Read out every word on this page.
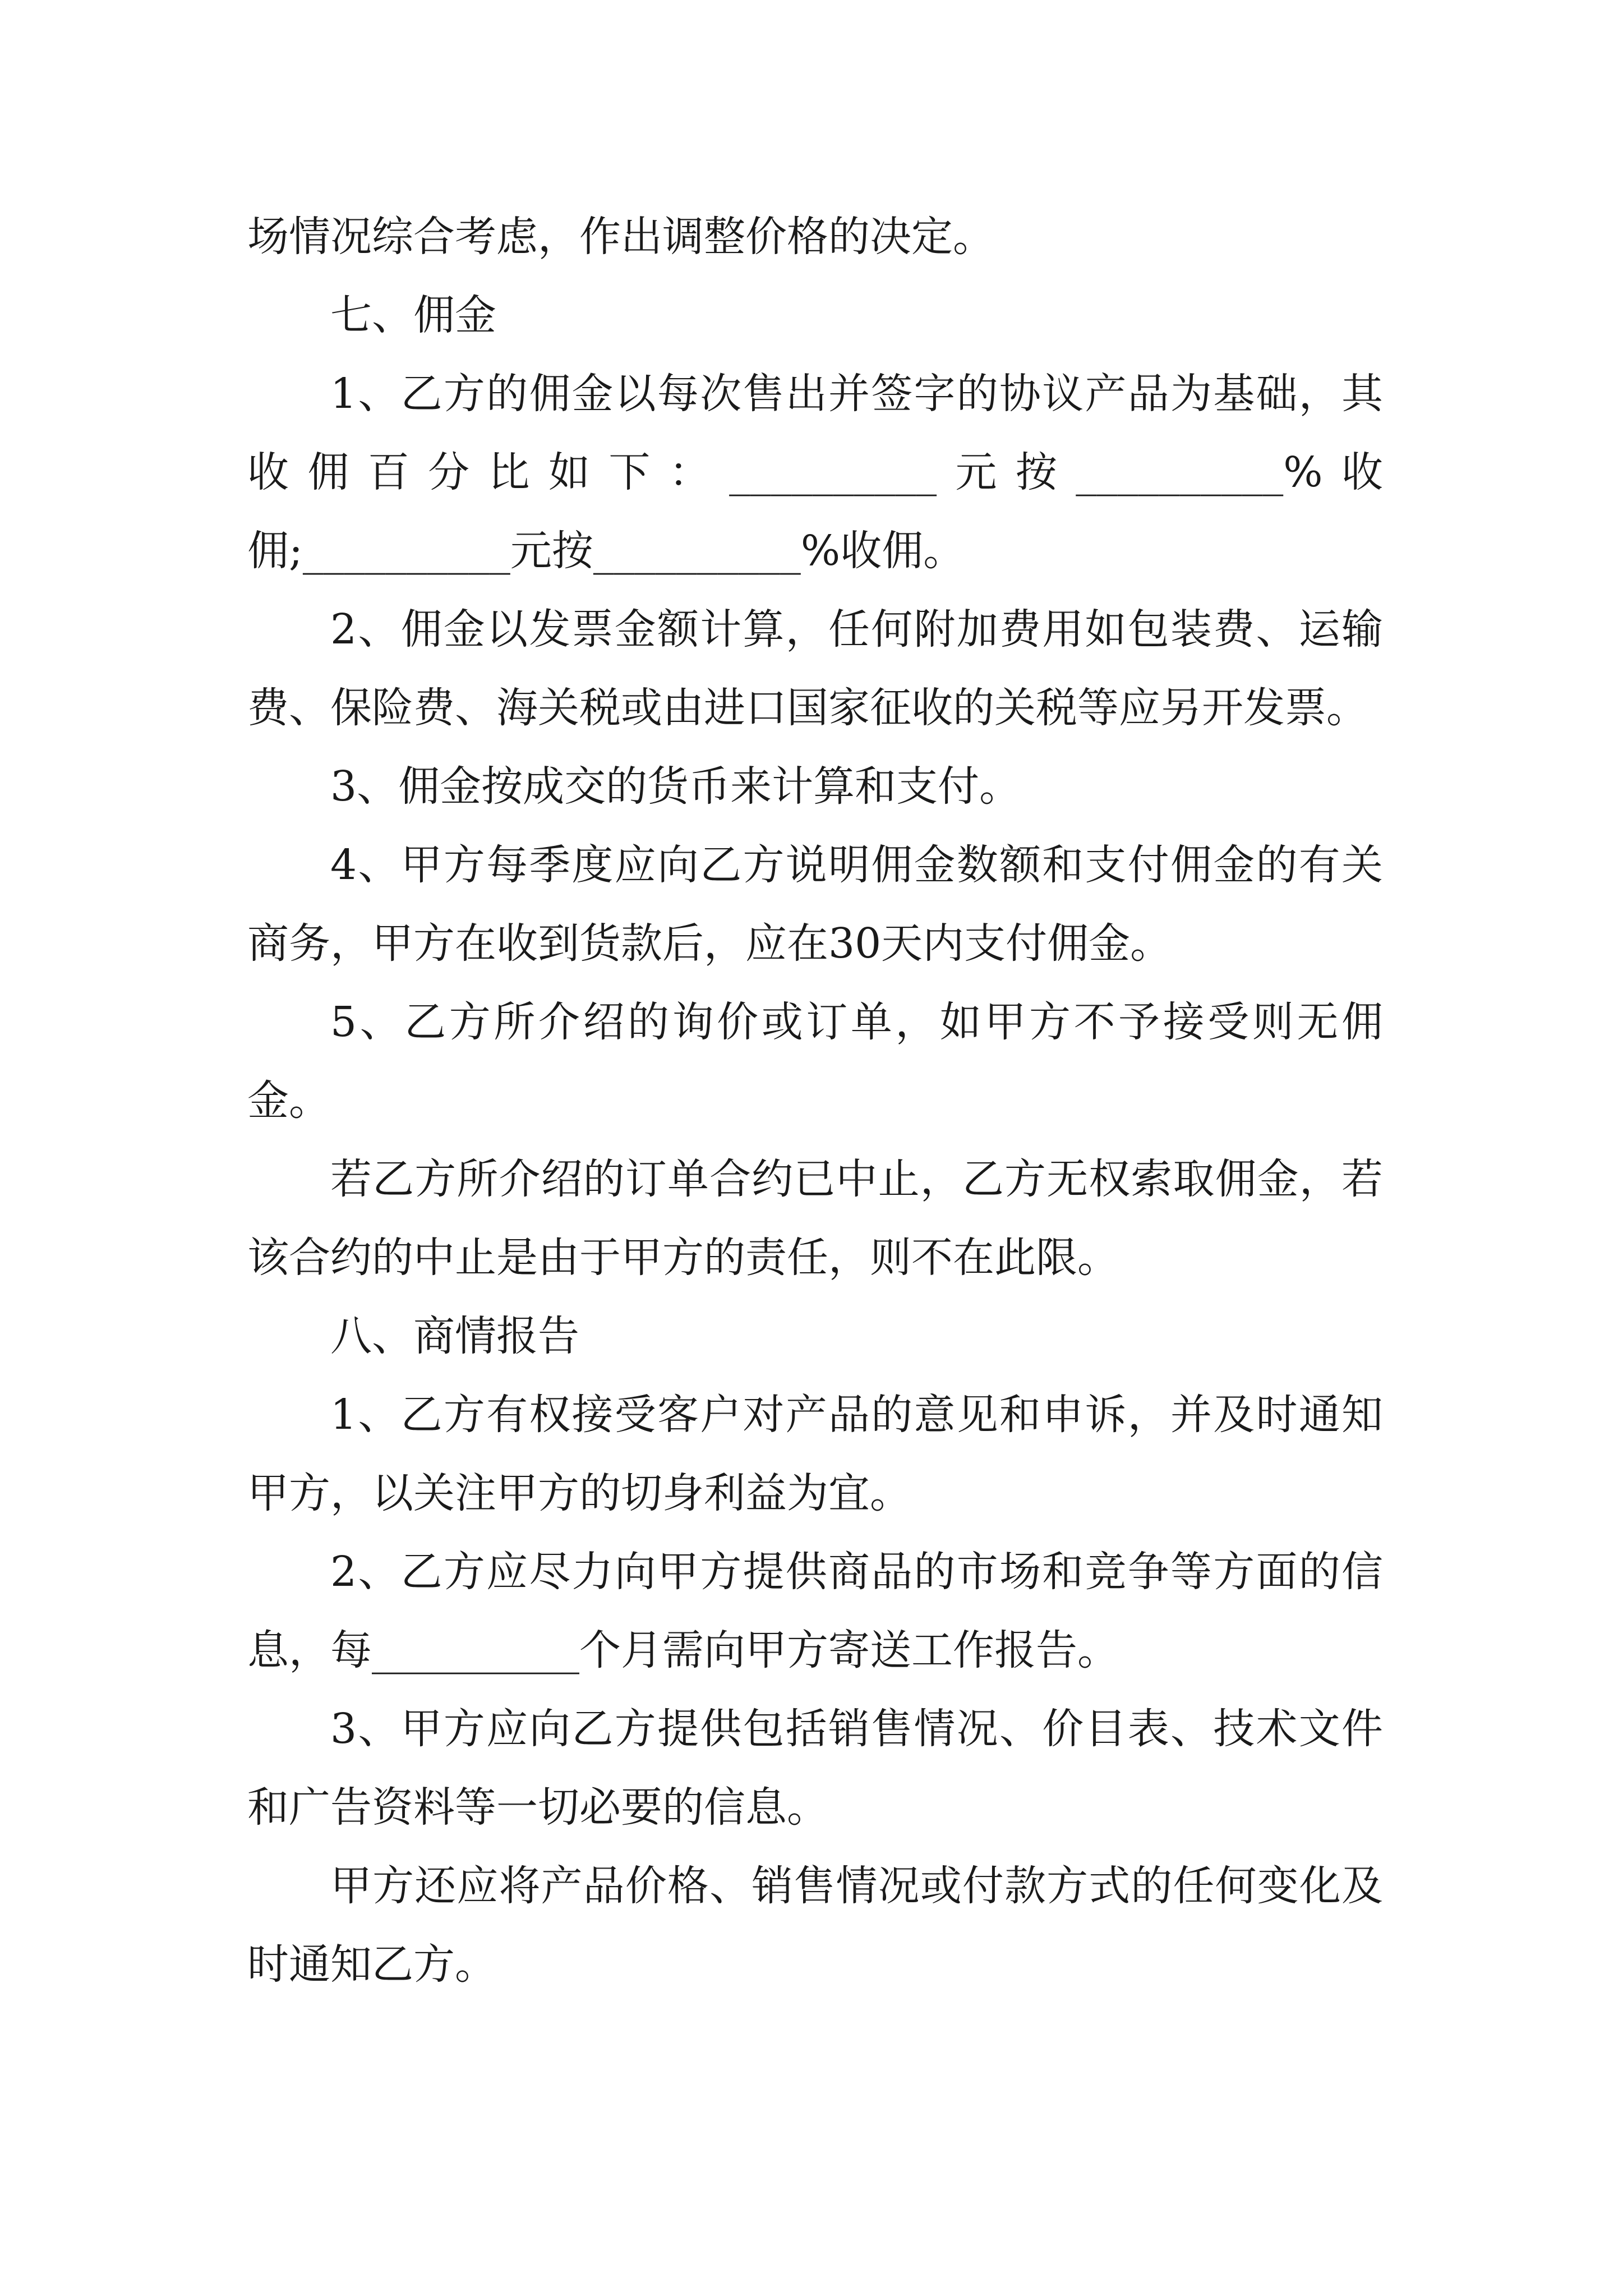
场情况综合考虑，作出调整价格的决定。

七、佣金

1、乙方的佣金以每次售出并签字的协议产品为基础，其收佣百分比如下：__________元按__________%收佣;__________元按__________%收佣。

2、佣金以发票金额计算，任何附加费用如包装费、运输费、保险费、海关税或由进口国家征收的关税等应另开发票。

3、佣金按成交的货币来计算和支付。

4、甲方每季度应向乙方说明佣金数额和支付佣金的有关商务，甲方在收到货款后，应在30天内支付佣金。

5、乙方所介绍的询价或订单，如甲方不予接受则无佣金。

若乙方所介绍的订单合约已中止，乙方无权索取佣金，若该合约的中止是由于甲方的责任，则不在此限。

八、商情报告

1、乙方有权接受客户对产品的意见和申诉，并及时通知甲方，以关注甲方的切身利益为宜。

2、乙方应尽力向甲方提供商品的市场和竞争等方面的信息，每__________个月需向甲方寄送工作报告。

3、甲方应向乙方提供包括销售情况、价目表、技术文件和广告资料等一切必要的信息。

甲方还应将产品价格、销售情况或付款方式的任何变化及时通知乙方。
